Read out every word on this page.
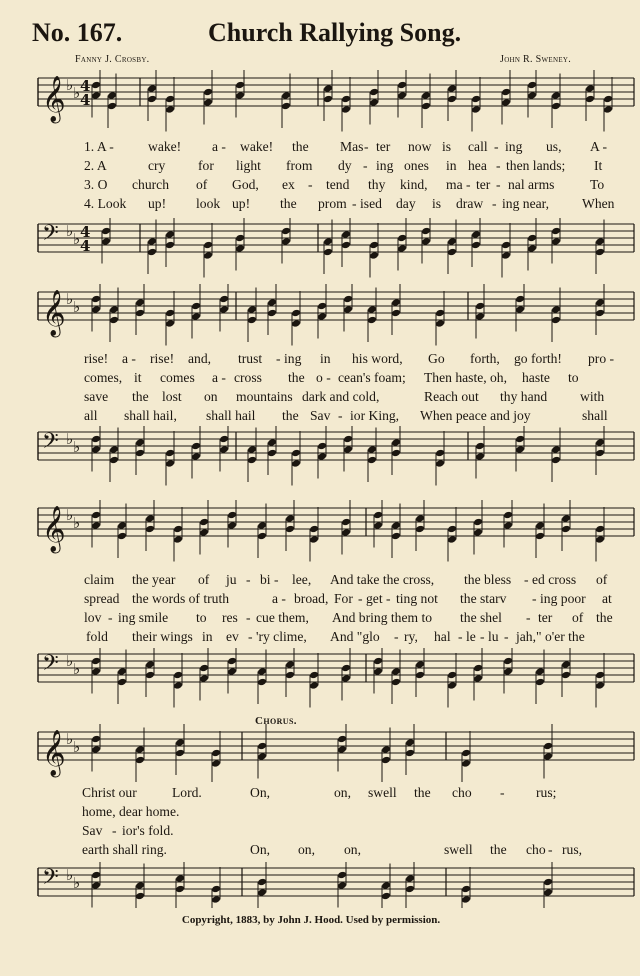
No. 167.	Church Rallying Song.
Fanny J. Crosby.	John R. Sweney.
𝄞 ♭ ♭ 4
4
1. A -	wake! a - wake! the Mas - ter now is call - ing us, A -
2. A	cry for light from dy - ing ones in hea - then lands; It
3. O church of God, ex - tend thy kind, ma - ter - nal arms	To
4. Look up! look up! the prom - ised day is draw - ing near, When
𝄢 ♭ ♭ 4
4
𝄞 ♭ ♭
rise! a - rise! and, trust - ing in his word, Go forth, go forth! pro -
comes, it comes a - cross the o - cean's foam; Then haste, oh, haste to
save the lost on mountains dark and cold,	Reach out thy hand with
all shall hail, shall hail the Sav - ior King, When peace and joy	shall
𝄢 ♭ ♭
𝄞 ♭ ♭
claim the year of ju - bi - lee, And take the cross, the bless - ed cross of
spread the words of truth	a - broad, For - get - ting not the starv - ing poor at
lov - ing smile to res - cue them, And bring them to the shel - ter of the
fold their wings in ev - 'ry clime, And "glo - ry, hal - le - lu - jah," o'er the
𝄢 ♭ ♭
Chorus.
𝄞 ♭ ♭
Christ our	Lord.	On,	on, swell the cho - rus;
home, dear home.
Sav - ior's fold.
earth shall ring.	On, on, on,	swell the cho - rus,
𝄢 ♭ ♭
Copyright, 1883, by John J. Hood. Used by permission.
